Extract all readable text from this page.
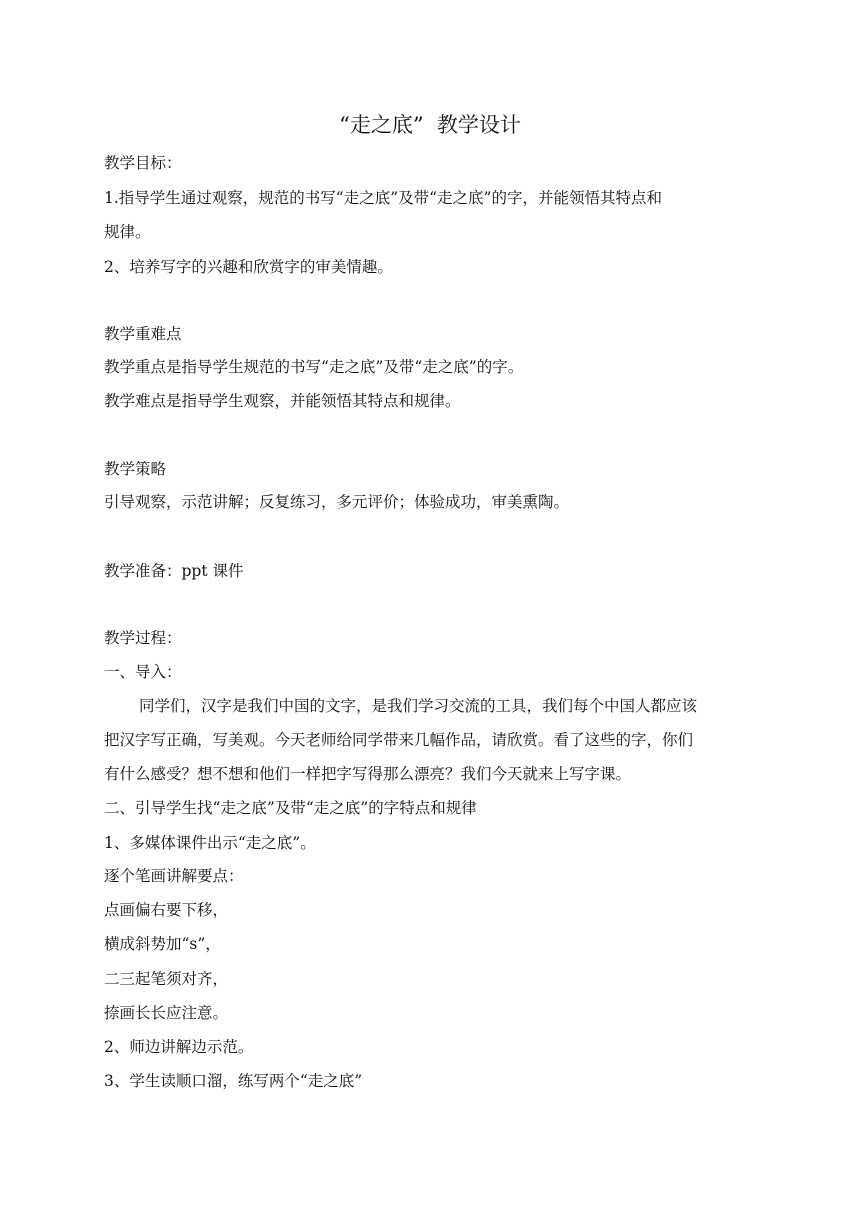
“走之底”  教学设计
教学目标：
1.指导学生通过观察，规范的书写“走之底”及带“走之底”的字，并能领悟其特点和
规律。
2、培养写字的兴趣和欣赏字的审美情趣。
教学重难点
教学重点是指导学生规范的书写“走之底”及带“走之底”的字。
教学难点是指导学生观察，并能领悟其特点和规律。
教学策略
引导观察，示范讲解；反复练习，多元评价；体验成功，审美熏陶。
教学准备：ppt 课件
教学过程：
一、导入：
同学们，汉字是我们中国的文字，是我们学习交流的工具，我们每个中国人都应该
把汉字写正确，写美观。今天老师给同学带来几幅作品，请欣赏。看了这些的字，你们
有什么感受？想不想和他们一样把字写得那么漂亮？我们今天就来上写字课。
二、引导学生找“走之底”及带“走之底”的字特点和规律
1、多媒体课件出示“走之底”。
逐个笔画讲解要点：
点画偏右要下移，
横成斜势加“s”，
二三起笔须对齐，
捺画长长应注意。
2、师边讲解边示范。
3、学生读顺口溜，练写两个“走之底”
